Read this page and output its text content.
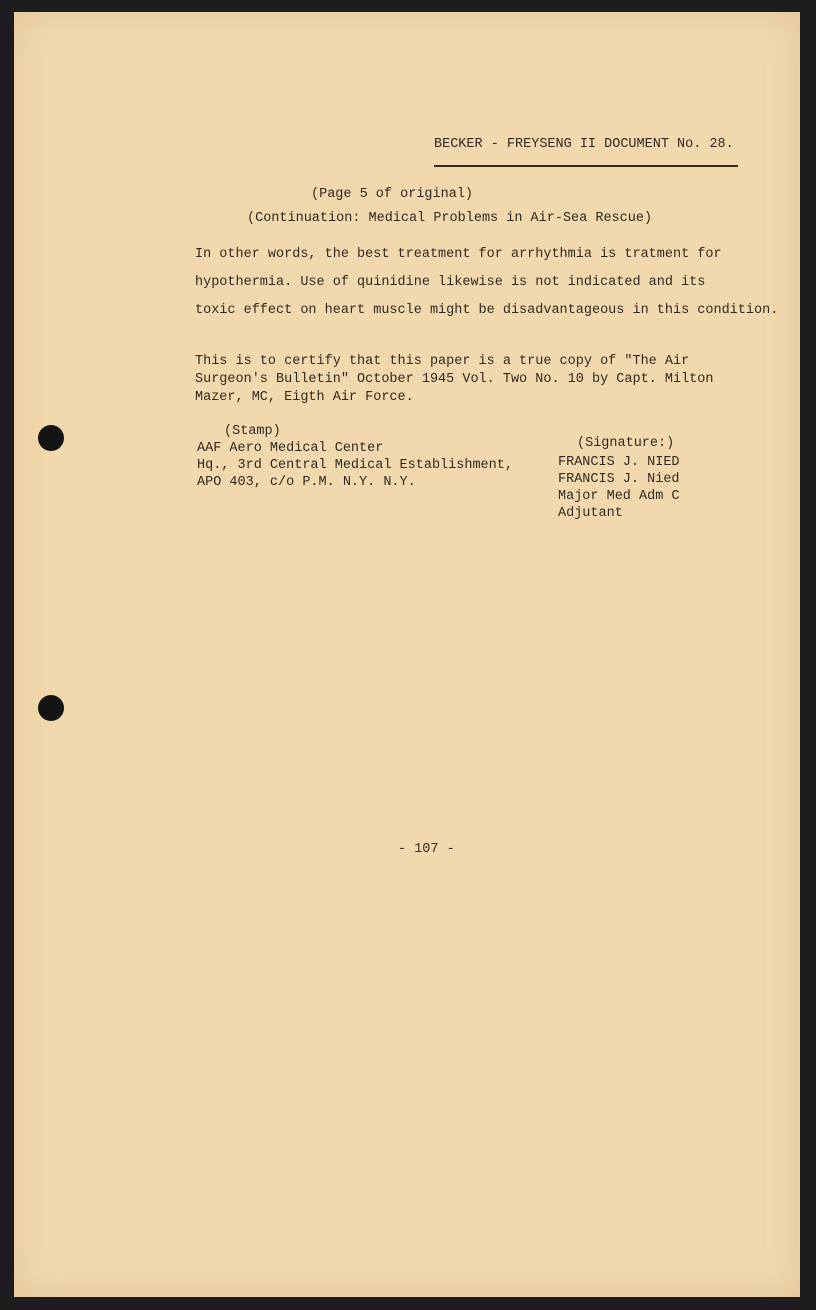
BECKER - FREYSENG II DOCUMENT No. 28.
(Page 5 of original)
(Continuation: Medical Problems in Air-Sea Rescue)
In other words, the best treatment for arrhythmia is tratment for
hypothermia. Use of quinidine likewise is not indicated and its
toxic effect on heart muscle might be disadvantageous in this condition.
This is to certify that this paper is a true copy of "The Air
Surgeon's Bulletin" October 1945 Vol. Two No. 10 by Capt. Milton
Mazer, MC, Eigth Air Force.
(Stamp)
AAF Aero Medical Center
Hq., 3rd Central Medical Establishment,
APO 403, c/o P.M. N.Y. N.Y.
(Signature:)
FRANCIS J. NIED
FRANCIS J. Nied
Major Med Adm C
Adjutant
- 107 -
